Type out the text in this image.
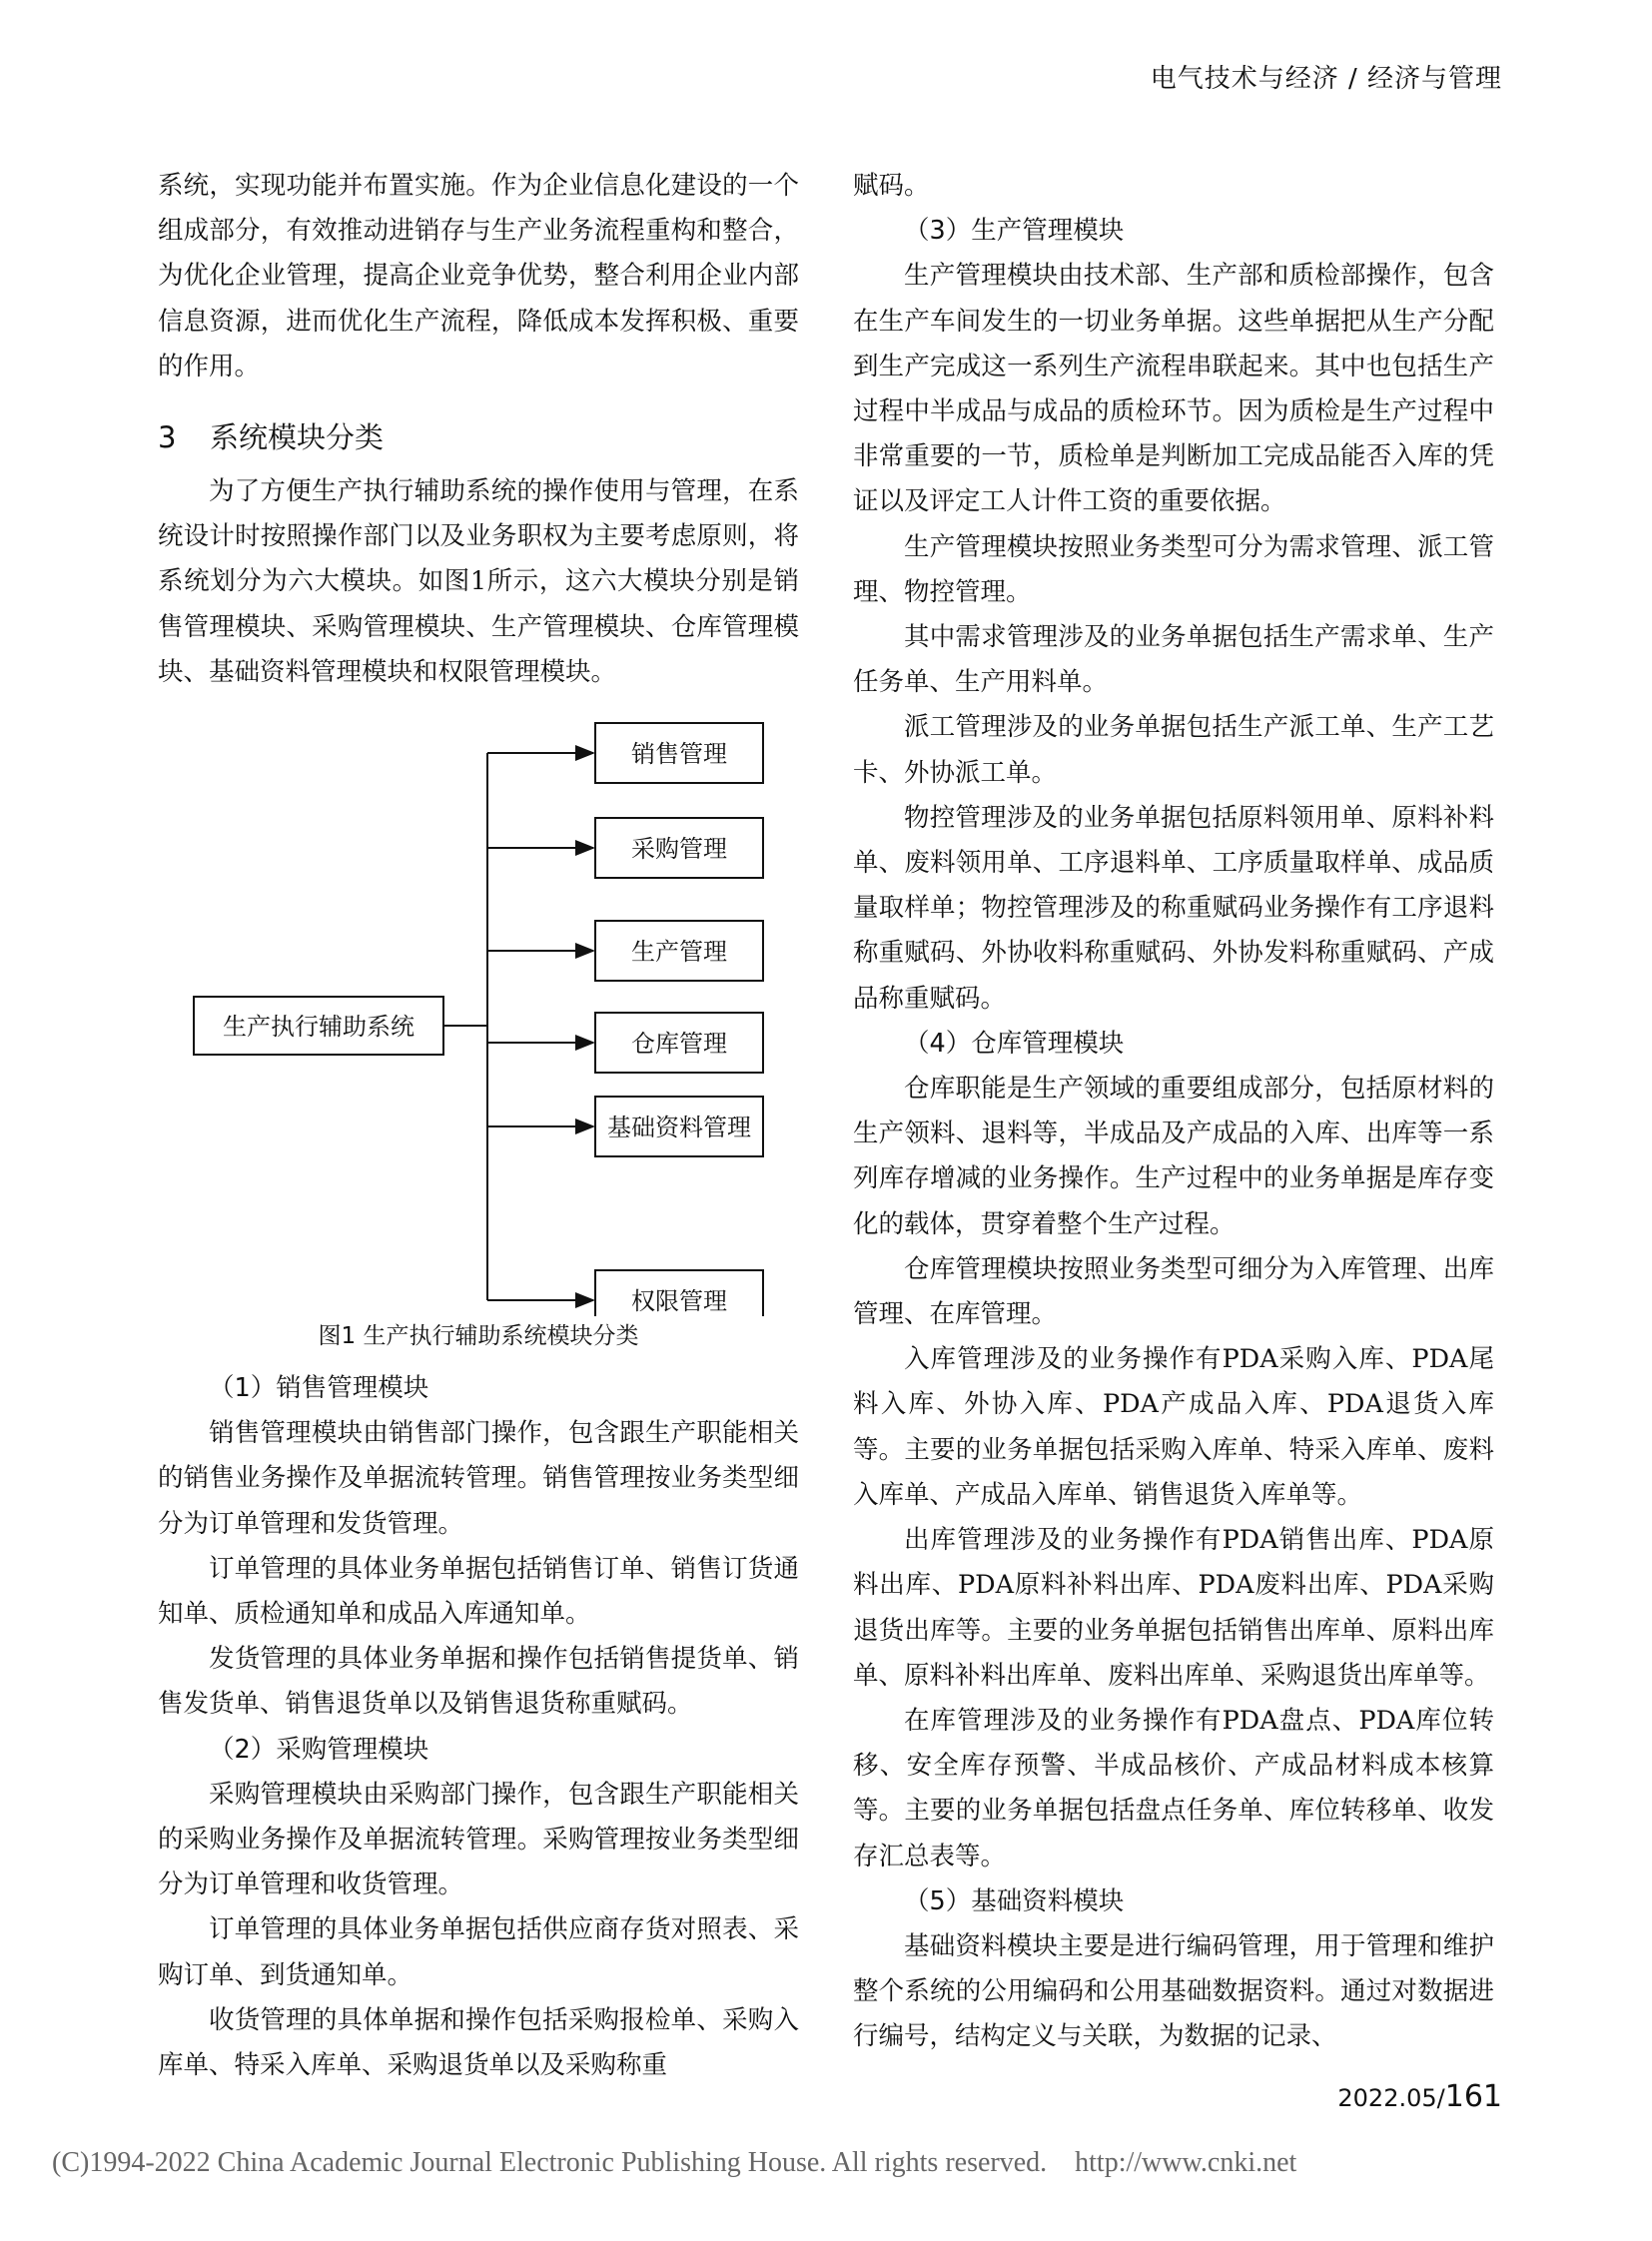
电气技术与经济 / 经济与管理

系统，实现功能并布置实施。作为企业信息化建设的一个组成部分，有效推动进销存与生产业务流程重构和整合，为优化企业管理，提高企业竞争优势，整合利用企业内部信息资源，进而优化生产流程，降低成本发挥积极、重要的作用。

3 系统模块分类

为了方便生产执行辅助系统的操作使用与管理，在系统设计时按照操作部门以及业务职权为主要考虑原则，将系统划分为六大模块。如图1所示，这六大模块分别是销售管理模块、采购管理模块、生产管理模块、仓库管理模块、基础资料管理模块和权限管理模块。

生产执行辅助系统
销售管理
采购管理
生产管理
仓库管理
基础资料管理
权限管理

图1 生产执行辅助系统模块分类

（1）销售管理模块

销售管理模块由销售部门操作，包含跟生产职能相关的销售业务操作及单据流转管理。销售管理按业务类型细分为订单管理和发货管理。

订单管理的具体业务单据包括销售订单、销售订货通知单、质检通知单和成品入库通知单。

发货管理的具体业务单据和操作包括销售提货单、销售发货单、销售退货单以及销售退货称重赋码。

（2）采购管理模块

采购管理模块由采购部门操作，包含跟生产职能相关的采购业务操作及单据流转管理。采购管理按业务类型细分为订单管理和收货管理。

订单管理的具体业务单据包括供应商存货对照表、采购订单、到货通知单。

收货管理的具体单据和操作包括采购报检单、采购入库单、特采入库单、采购退货单以及采购称重

赋码。

（3）生产管理模块

生产管理模块由技术部、生产部和质检部操作，包含在生产车间发生的一切业务单据。这些单据把从生产分配到生产完成这一系列生产流程串联起来。其中也包括生产过程中半成品与成品的质检环节。因为质检是生产过程中非常重要的一节，质检单是判断加工完成品能否入库的凭证以及评定工人计件工资的重要依据。

生产管理模块按照业务类型可分为需求管理、派工管理、物控管理。

其中需求管理涉及的业务单据包括生产需求单、生产任务单、生产用料单。

派工管理涉及的业务单据包括生产派工单、生产工艺卡、外协派工单。

物控管理涉及的业务单据包括原料领用单、原料补料单、废料领用单、工序退料单、工序质量取样单、成品质量取样单；物控管理涉及的称重赋码业务操作有工序退料称重赋码、外协收料称重赋码、外协发料称重赋码、产成品称重赋码。

（4）仓库管理模块

仓库职能是生产领域的重要组成部分，包括原材料的生产领料、退料等，半成品及产成品的入库、出库等一系列库存增减的业务操作。生产过程中的业务单据是库存变化的载体，贯穿着整个生产过程。

仓库管理模块按照业务类型可细分为入库管理、出库管理、在库管理。

入库管理涉及的业务操作有PDA采购入库、PDA尾料入库、外协入库、PDA产成品入库、PDA退货入库等。主要的业务单据包括采购入库单、特采入库单、废料入库单、产成品入库单、销售退货入库单等。

出库管理涉及的业务操作有PDA销售出库、PDA原料出库、PDA原料补料出库、PDA废料出库、PDA采购退货出库等。主要的业务单据包括销售出库单、原料出库单、原料补料出库单、废料出库单、采购退货出库单等。

在库管理涉及的业务操作有PDA盘点、PDA库位转移、安全库存预警、半成品核价、产成品材料成本核算等。主要的业务单据包括盘点任务单、库位转移单、收发存汇总表等。

（5）基础资料模块

基础资料模块主要是进行编码管理，用于管理和维护整个系统的公用编码和公用基础数据资料。通过对数据进行编号，结构定义与关联，为数据的记录、

2022.05/161
(C)1994-2022 China Academic Journal Electronic Publishing House. All rights reserved. http://www.cnki.net
